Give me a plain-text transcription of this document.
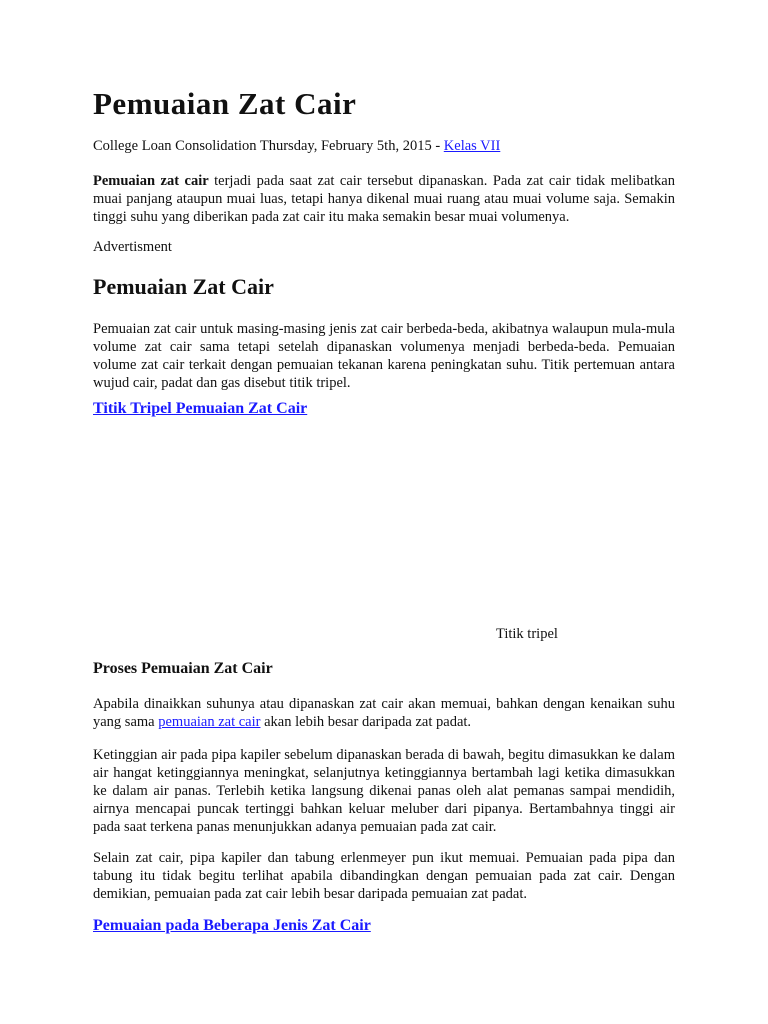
Pemuaian Zat Cair
College Loan Consolidation Thursday, February 5th, 2015 - Kelas VII

Pemuaian zat cair terjadi pada saat zat cair tersebut dipanaskan. Pada zat cair tidak melibatkan muai panjang ataupun muai luas, tetapi hanya dikenal muai ruang atau muai volume saja. Semakin tinggi suhu yang diberikan pada zat cair itu maka semakin besar muai volumenya.

Advertisment
Pemuaian Zat Cair

Pemuaian zat cair untuk masing-masing jenis zat cair berbeda-beda, akibatnya walaupun mula-mula volume zat cair sama tetapi setelah dipanaskan volumenya menjadi berbeda-beda. Pemuaian volume zat cair terkait dengan pemuaian tekanan karena peningkatan suhu. Titik pertemuan antara wujud cair, padat dan gas disebut titik tripel.

Titik Tripel Pemuaian Zat Cair
Titik tripel
Proses Pemuaian Zat Cair

Apabila dinaikkan suhunya atau dipanaskan zat cair akan memuai, bahkan dengan kenaikan suhu yang sama pemuaian zat cair akan lebih besar daripada zat padat.

Ketinggian air pada pipa kapiler sebelum dipanaskan berada di bawah, begitu dimasukkan ke dalam air hangat ketinggiannya meningkat, selanjutnya ketinggiannya bertambah lagi ketika dimasukkan ke dalam air panas. Terlebih ketika langsung dikenai panas oleh alat pemanas sampai mendidih, airnya mencapai puncak tertinggi bahkan keluar meluber dari pipanya. Bertambahnya tinggi air pada saat terkena panas menunjukkan adanya pemuaian pada zat cair.

Selain zat cair, pipa kapiler dan tabung erlenmeyer pun ikut memuai. Pemuaian pada pipa dan tabung itu tidak begitu terlihat apabila dibandingkan dengan pemuaian pada zat cair. Dengan demikian, pemuaian pada zat cair lebih besar daripada pemuaian zat padat.

Pemuaian pada Beberapa Jenis Zat Cair
